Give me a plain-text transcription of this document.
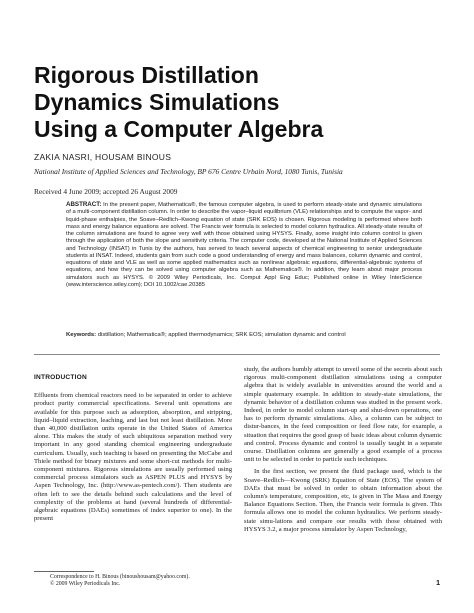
Rigorous Distillation
Dynamics Simulations
Using a Computer Algebra
ZAKIA NASRI, HOUSAM BINOUS
National Institute of Applied Sciences and Technology, BP 676 Centre Urbain Nord, 1080 Tunis, Tunisia
Received 4 June 2009; accepted 26 August 2009
ABSTRACT: In the present paper, Mathematica®, the famous computer algebra, is used to perform steady-state and dynamic simulations of a multi-component distillation column. In order to describe the vapor–liquid equilibrium (VLE) relationships and to compute the vapor- and liquid-phase enthalpies, the Soave–Redlich–Kwong equation of state (SRK EOS) is chosen. Rigorous modeling is performed where both mass and energy balance equations are solved. The Francis weir formula is selected to model column hydraulics. All steady-state results of the column simulations are found to agree very well with those obtained using HYSYS. Finally, some insight into column control is given through the application of both the slope and sensitivity criteria. The computer code, developed at the National Institute of Applied Sciences and Technology (INSAT) in Tunis by the authors, has served to teach several aspects of chemical engineering to senior undergraduate students at INSAT. Indeed, students gain from such code a good understanding of energy and mass balances, column dynamic and control, equations of state and VLE as well as some applied mathematics such as nonlinear algebraic equations, differential-algebraic systems of equations, and how they can be solved using computer algebra such as Mathematica®. In addition, they learn about major process simulators such as HYSYS. © 2009 Wiley Periodicals, Inc. Comput Appl Eng Educ; Published online in Wiley InterScience (www.interscience.wiley.com); DOI 10.1002/cae.20385
Keywords: distillation; Mathematica®; applied thermodynamics; SRK EOS; simulation dynamic and control
INTRODUCTION

Effluents from chemical reactors need to be separated in order to achieve product purity commercial specifications. Several unit operations are available for this purpose such as adsorption, absorption, and stripping, liquid–liquid extraction, leaching, and last but not least distillation. More than 40,000 distillation units operate in the United States of America alone. This makes the study of such ubiquitous separation method very important in any good standing chemical engineering undergraduate curriculum. Usually, such teaching is based on presenting the McCabe and Thiele method for binary mixtures and some short-cut methods for multi-component mixtures. Rigorous simulations are usually performed using commercial process simulators such as ASPEN PLUS and HYSYS by Aspen Technology, Inc. (http://www.as-pentech.com/). Then students are often left to see the details behind such calculations and the level of complexity of the problems at hand (several hundreds of differential-algebraic equations (DAEs) sometimes of index superior to one). In the present

study, the authors humbly attempt to unveil some of the secrets about such rigorous multi-component distillation simulations using a computer algebra that is widely available in universities around the world and a simple quaternary example. In addition to steady-state simulations, the dynamic behavior of a distillation column was studied in the present work. Indeed, in order to model column start-up and shut-down operations, one has to perform dynamic simulations. Also, a column can be subject to distur-bances, in the feed composition or feed flow rate, for example, a situation that requires the good grasp of basic ideas about column dynamic and control. Process dynamic and control is usually taught in a separate course. Distillation columns are generally a good example of a process unit to be selected in order to particle such techniques.

In the first section, we present the fluid package used, which is the Soave–Redlich—Kwong (SRK) Equation of State (EOS). The system of DAEs that must be solved in order to obtain information about the column's temperature, composition, etc, is given in The Mass and Energy Balance Equations Section. Then, the Francis weir formula is given. This formula allows one to model the column hydraulics. We perform steady-state simu-lations and compare our results with those obtained with HYSYS 3.2, a major process simulator by Aspen Technology,

Correspondence to H. Binous (binoushousam@yahoo.com).
© 2009 Wiley Periodicals Inc.	1
